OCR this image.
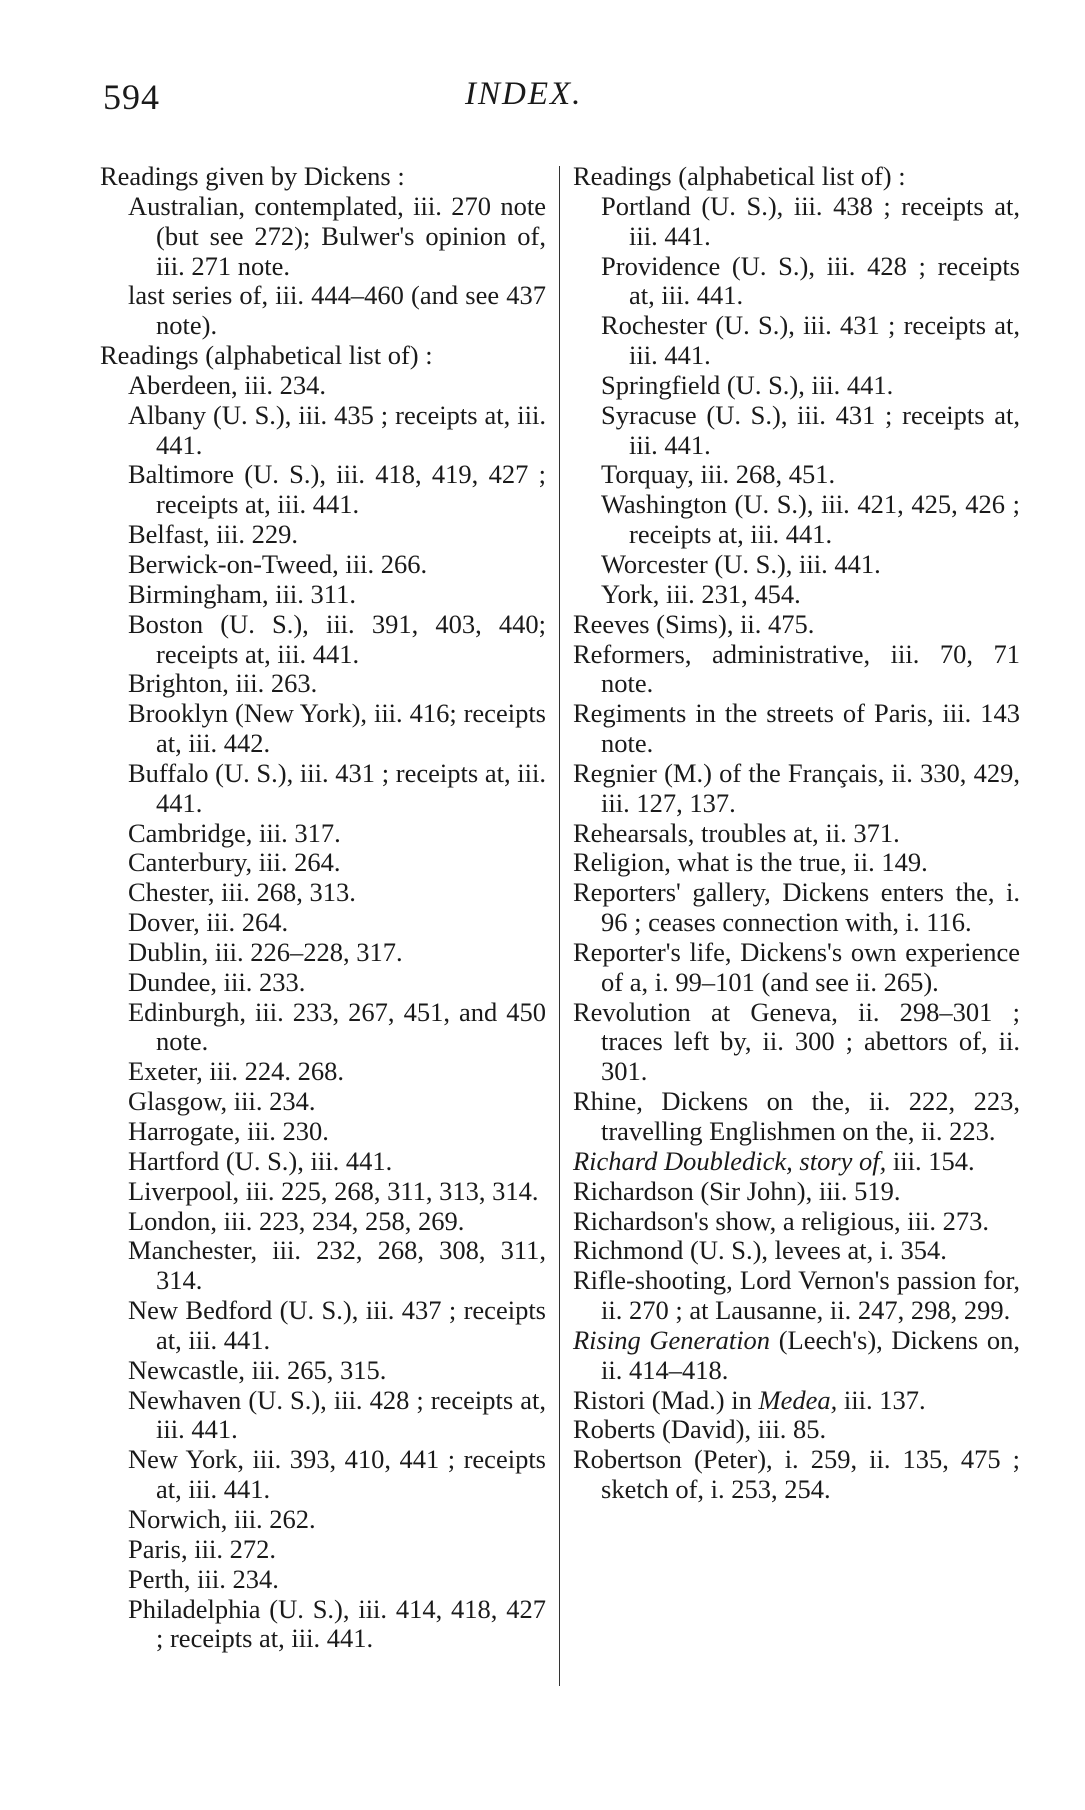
594	INDEX.
Readings given by Dickens :
Australian, contemplated, iii. 270 note (but see 272); Bulwer's opinion of, iii. 271 note.
last series of, iii. 444–460 (and see 437 note).
Readings (alphabetical list of) :
Aberdeen, iii. 234.
Albany (U. S.), iii. 435 ; receipts at, iii. 441.
Baltimore (U. S.), iii. 418, 419, 427 ; receipts at, iii. 441.
Belfast, iii. 229.
Berwick-on-Tweed, iii. 266.
Birmingham, iii. 311.
Boston (U. S.), iii. 391, 403, 440; receipts at, iii. 441.
Brighton, iii. 263.
Brooklyn (New York), iii. 416; receipts at, iii. 442.
Buffalo (U. S.), iii. 431 ; receipts at, iii. 441.
Cambridge, iii. 317.
Canterbury, iii. 264.
Chester, iii. 268, 313.
Dover, iii. 264.
Dublin, iii. 226–228, 317.
Dundee, iii. 233.
Edinburgh, iii. 233, 267, 451, and 450 note.
Exeter, iii. 224. 268.
Glasgow, iii. 234.
Harrogate, iii. 230.
Hartford (U. S.), iii. 441.
Liverpool, iii. 225, 268, 311, 313, 314.
London, iii. 223, 234, 258, 269.
Manchester, iii. 232, 268, 308, 311, 314.
New Bedford (U. S.), iii. 437 ; receipts at, iii. 441.
Newcastle, iii. 265, 315.
Newhaven (U. S.), iii. 428 ; receipts at, iii. 441.
New York, iii. 393, 410, 441 ; receipts at, iii. 441.
Norwich, iii. 262.
Paris, iii. 272.
Perth, iii. 234.
Philadelphia (U. S.), iii. 414, 418, 427 ; receipts at, iii. 441.
Readings (alphabetical list of) :
Portland (U. S.), iii. 438 ; receipts at, iii. 441.
Providence (U. S.), iii. 428 ; receipts at, iii. 441.
Rochester (U. S.), iii. 431 ; receipts at, iii. 441.
Springfield (U. S.), iii. 441.
Syracuse (U. S.), iii. 431 ; receipts at, iii. 441.
Torquay, iii. 268, 451.
Washington (U. S.), iii. 421, 425, 426 ; receipts at, iii. 441.
Worcester (U. S.), iii. 441.
York, iii. 231, 454.
Reeves (Sims), ii. 475.
Reformers, administrative, iii. 70, 71 note.
Regiments in the streets of Paris, iii. 143 note.
Regnier (M.) of the Français, ii. 330, 429, iii. 127, 137.
Rehearsals, troubles at, ii. 371.
Religion, what is the true, ii. 149.
Reporters' gallery, Dickens enters the, i. 96 ; ceases connection with, i. 116.
Reporter's life, Dickens's own experience of a, i. 99–101 (and see ii. 265).
Revolution at Geneva, ii. 298–301 ; traces left by, ii. 300 ; abettors of, ii. 301.
Rhine, Dickens on the, ii. 222, 223, travelling Englishmen on the, ii. 223.
Richard Doubledick, story of, iii. 154.
Richardson (Sir John), iii. 519.
Richardson's show, a religious, iii. 273.
Richmond (U. S.), levees at, i. 354.
Rifle-shooting, Lord Vernon's passion for, ii. 270 ; at Lausanne, ii. 247, 298, 299.
Rising Generation (Leech's), Dickens on, ii. 414–418.
Ristori (Mad.) in Medea, iii. 137.
Roberts (David), iii. 85.
Robertson (Peter), i. 259, ii. 135, 475 ; sketch of, i. 253, 254.
